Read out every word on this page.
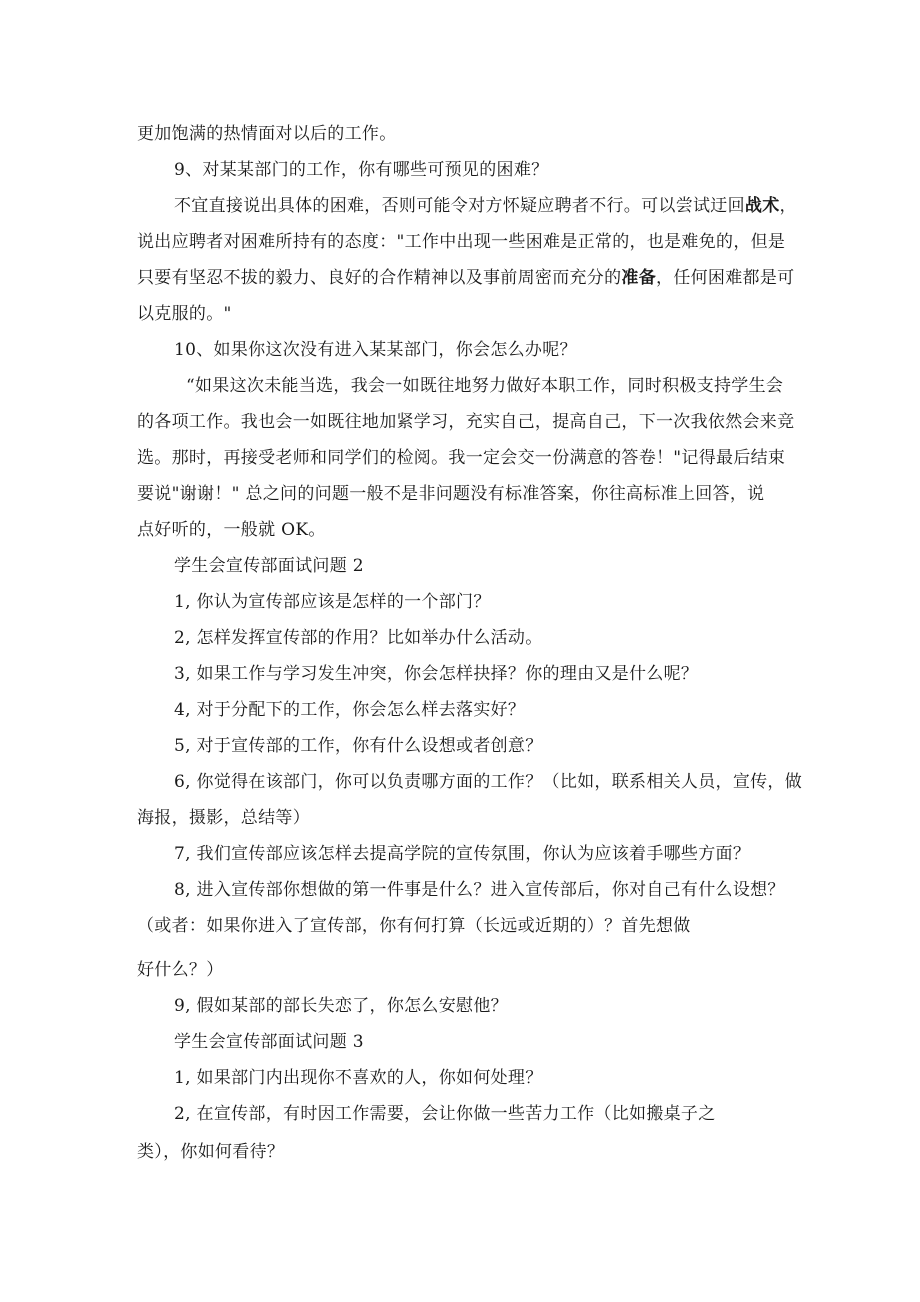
更加饱满的热情面对以后的工作。
9、对某某部门的工作，你有哪些可预见的困难？
不宜直接说出具体的困难，否则可能令对方怀疑应聘者不行。可以尝试迂回战术，
说出应聘者对困难所持有的态度："工作中出现一些困难是正常的，也是难免的，但是
只要有坚忍不拔的毅力、良好的合作精神以及事前周密而充分的准备，任何困难都是可
以克服的。"
10、如果你这次没有进入某某部门，你会怎么办呢？
“如果这次未能当选，我会一如既往地努力做好本职工作，同时积极支持学生会
的各项工作。我也会一如既往地加紧学习，充实自己，提高自己，下一次我依然会来竞
选。那时，再接受老师和同学们的检阅。我一定会交一份满意的答卷！"记得最后结束
要说"谢谢！" 总之问的问题一般不是非问题没有标准答案，你往高标准上回答，说
点好听的，一般就 OK。
学生会宣传部面试问题 2
1, 你认为宣传部应该是怎样的一个部门？
2, 怎样发挥宣传部的作用？比如举办什么活动。
3, 如果工作与学习发生冲突，你会怎样抉择？你的理由又是什么呢？
4, 对于分配下的工作，你会怎么样去落实好？
5, 对于宣传部的工作，你有什么设想或者创意？
6, 你觉得在该部门，你可以负责哪方面的工作？（比如，联系相关人员，宣传，做
海报，摄影，总结等）
7, 我们宣传部应该怎样去提高学院的宣传氛围，你认为应该着手哪些方面？
8, 进入宣传部你想做的第一件事是什么？进入宣传部后，你对自己有什么设想？
（或者：如果你进入了宣传部，你有何打算（长远或近期的）？首先想做
好什么？）
9, 假如某部的部长失恋了，你怎么安慰他？
学生会宣传部面试问题 3
1, 如果部门内出现你不喜欢的人，你如何处理？
2, 在宣传部，有时因工作需要，会让你做一些苦力工作（比如搬桌子之
类），你如何看待？
